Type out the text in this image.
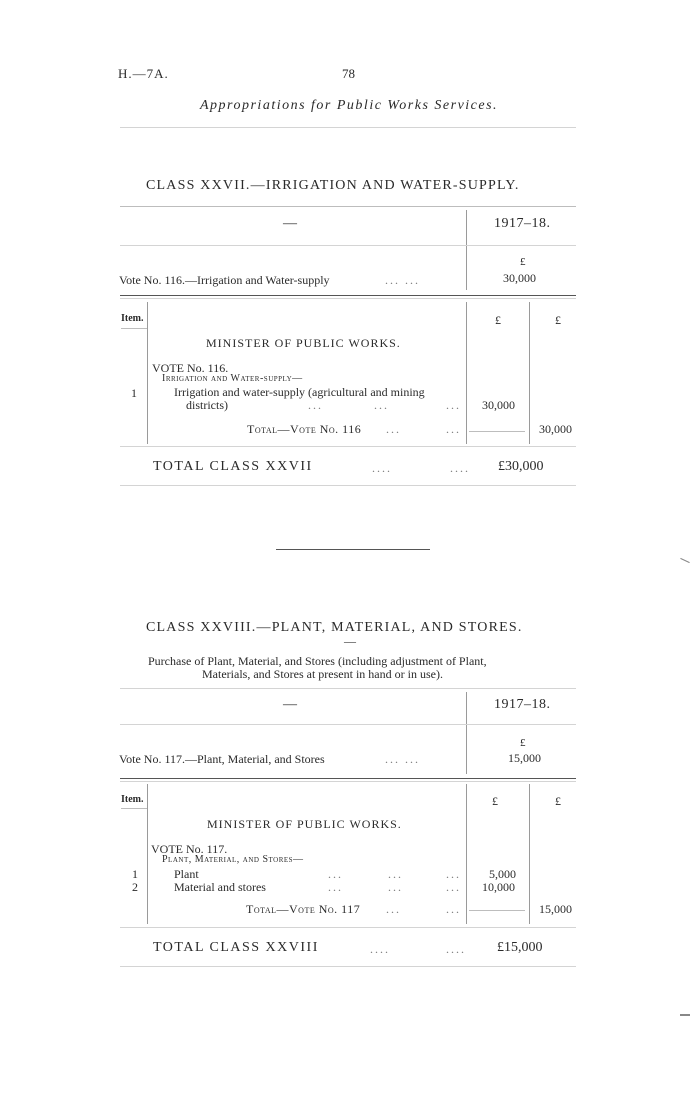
H.—7A.	78
Appropriations for Public Works Services.
CLASS XXVII.—IRRIGATION AND WATER-SUPPLY.
—	1917–18.
£
Vote No. 116.—Irrigation and Water-supply	... ...	30,000
Item.	£	£
MINISTER OF PUBLIC WORKS.
VOTE No. 116.
Irrigation and Water-supply—
1	Irrigation and water-supply (agricultural and mining
districts)	...	...	... 30,000
Total—Vote No. 116 ...	...	30,000
TOTAL CLASS XXVII	....	.... £30,000
CLASS XXVIII.—PLANT, MATERIAL, AND STORES.
—
Purchase of Plant, Material, and Stores (including adjustment of Plant,
Materials, and Stores at present in hand or in use).
—	1917–18.
£
Vote No. 117.—Plant, Material, and Stores	... ...	15,000
Item.	£	£
MINISTER OF PUBLIC WORKS.
VOTE No. 117.
Plant, Material, and Stores—
1	Plant	...	...	... 5,000
2	Material and stores	...	...	... 10,000
Total—Vote No. 117 ...	...	15,000
TOTAL CLASS XXVIII	....	.... £15,000
